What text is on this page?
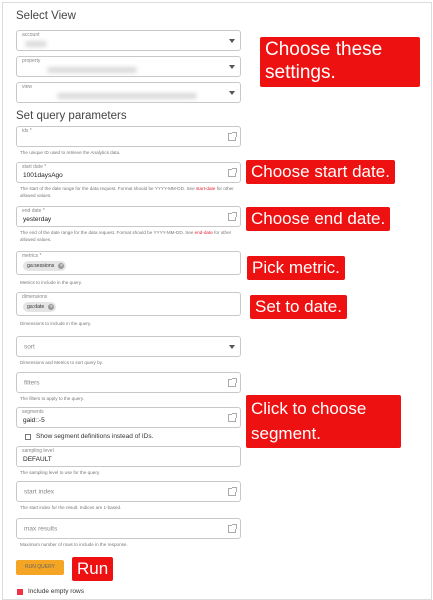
Select View
account
property
view
Set query parameters
ids *
The unique ID used to retrieve the Analytics data.
start date *
1001daysAgo
The start of the date range for the data request. Format should be YYYY-MM-DD. See start-date for other allowed values.
end date *
yesterday
The end of the date range for the data request. Format should be YYYY-MM-DD. See end-date for other allowed values.
metrics *
ga:sessions	×
Metrics to include in the query.
dimensions
ga:date	×
Dimensions to include in the query.
sort
Dimensions and Metrics to sort query by.
filters
The filters to apply to the query.
segments
gaid::-5
Show segment definitions instead of IDs.
sampling level
DEFAULT
The sampling level to use for the query.
start index
The start index for the result. Indices are 1-based.
max results
Maximum number of rows to include in the response.
RUN QUERY
Include empty rows
Choose these settings.
Choose start date.
Choose end date.
Pick metric.
Set to date.
Click to choose segment.
Run
